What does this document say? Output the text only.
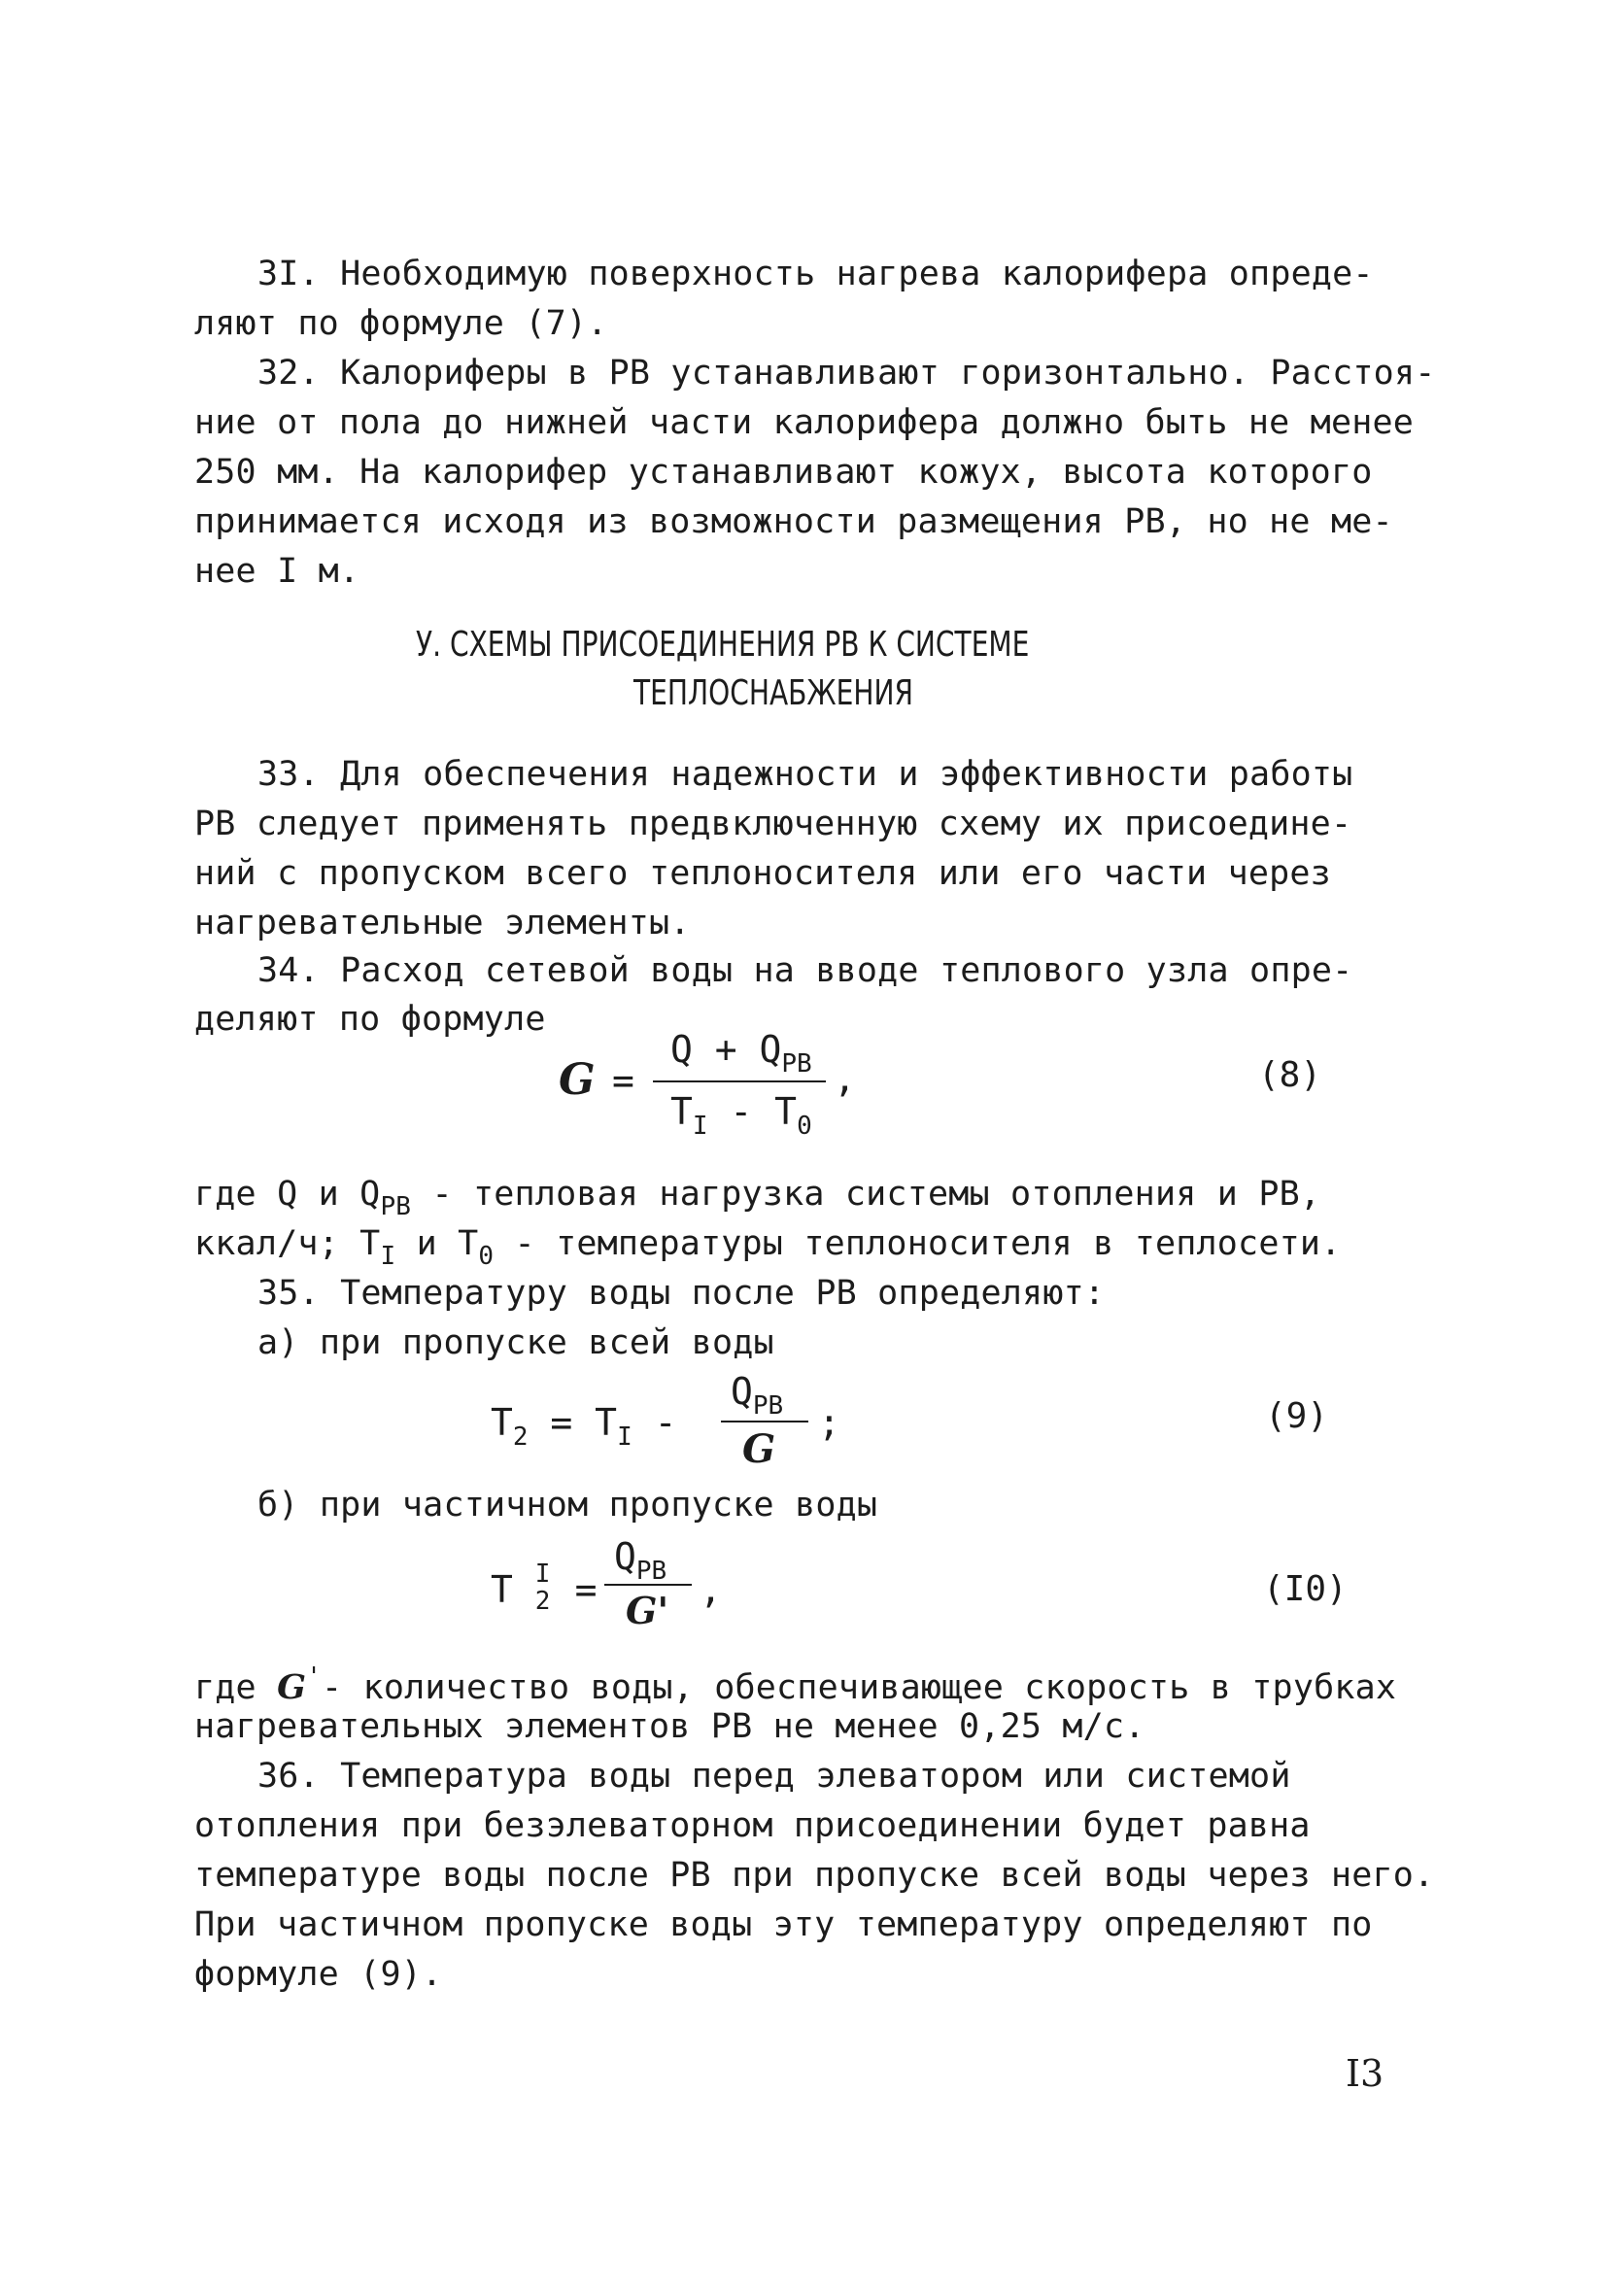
3I. Необходимую поверхность нагрева калорифера опреде-
ляют по формуле (7).
32. Калориферы в РВ устанавливают горизонтально. Расстоя-
ние от пола до нижней части калорифера должно быть не менее
250 мм. На калорифер устанавливают кожух, высота которого
принимается исходя из возможности размещения РВ, но не ме-
нее I м.
У. СХЕМЫ ПРИСОЕДИНЕНИЯ РВ К СИСТЕМЕ
ТЕПЛОСНАБЖЕНИЯ
33. Для обеспечения надежности и эффективности работы
РВ следует применять предвключенную схему их присоедине-
ний с пропуском всего теплоносителя или его части через
нагревательные элементы.
34. Расход сетевой воды на вводе теплового узла опре-
деляют по формуле
G =
$Q + Q_{РВ}$
$T_I - T_0$
,	(8)
где Q и $Q_{РВ}$ - тепловая нагрузка системы отопления и РВ,
ккал/ч; $T_I$ и $T_0$ - температуры теплоносителя в теплосети.
35. Температуру воды после РВ определяют:
а) при пропуске всей воды
$T_2 = T_I$ -
$Q_{РВ}$
G
;	(9)
б) при частичном пропуске воды
T I
2 =
$Q_{РВ}$
G' ,	(I0)
где G'- количество воды, обеспечивающее скорость в трубках
нагревательных элементов РВ не менее 0,25 м/с.
36. Температура воды перед элеватором или системой
отопления при безэлеваторном присоединении будет равна
температуре воды после РВ при пропуске всей воды через него.
При частичном пропуске воды эту температуру определяют по
формуле (9).
I3
